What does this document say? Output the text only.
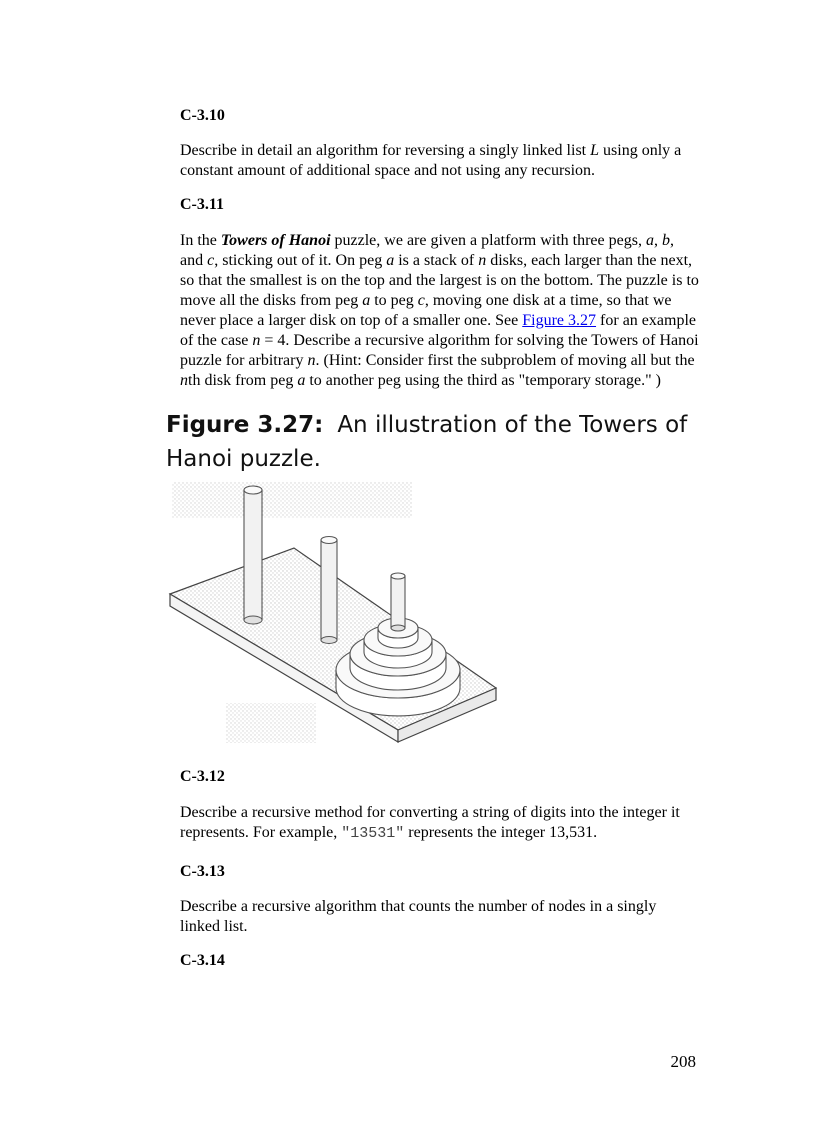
C-3.10

Describe in detail an algorithm for reversing a singly linked list L using only a constant amount of additional space and not using any recursion.

C-3.11

In the Towers of Hanoi puzzle, we are given a platform with three pegs, a, b, and c, sticking out of it. On peg a is a stack of n disks, each larger than the next, so that the smallest is on the top and the largest is on the bottom. The puzzle is to move all the disks from peg a to peg c, moving one disk at a time, so that we never place a larger disk on top of a smaller one. See Figure 3.27 for an example of the case n = 4. Describe a recursive algorithm for solving the Towers of Hanoi puzzle for arbitrary n. (Hint: Consider first the subproblem of moving all but the nth disk from peg a to another peg using the third as "temporary storage." )

Figure 3.27: An illustration of the Towers of Hanoi puzzle.

C-3.12

Describe a recursive method for converting a string of digits into the integer it represents. For example, "13531" represents the integer 13,531.

C-3.13

Describe a recursive algorithm that counts the number of nodes in a singly linked list.

C-3.14

208
